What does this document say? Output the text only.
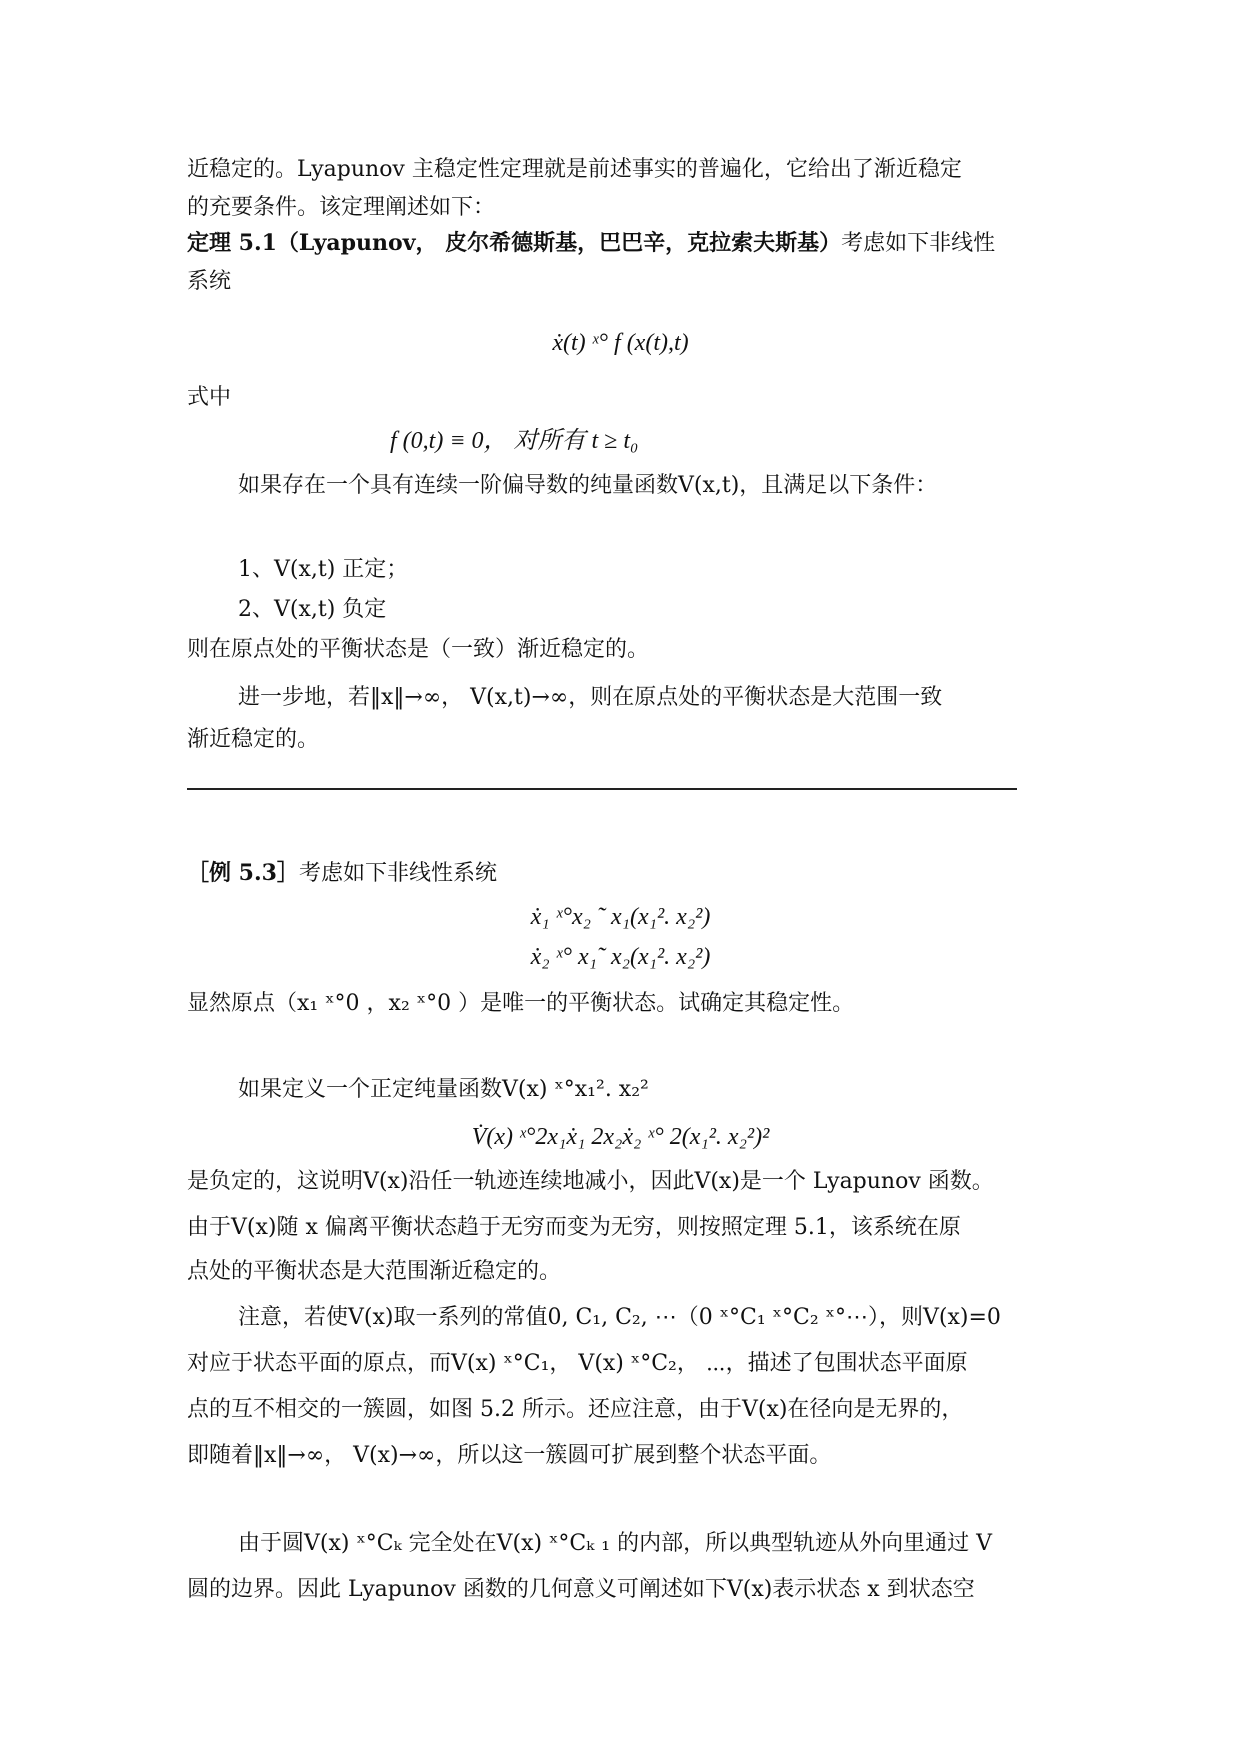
近稳定的。Lyapunov 主稳定性定理就是前述事实的普遍化，它给出了渐近稳定
的充要条件。该定理阐述如下：
定理 5.1（Lyapunov， 皮尔希德斯基，巴巴辛，克拉索夫斯基）考虑如下非线性
系统
ẋ(t) ˣ° f (x(t),t)
式中
f (0,t) ≡ 0， 对所有 t ≥ t₀
如果存在一个具有连续一阶偏导数的纯量函数V(x,t)，且满足以下条件：
1、V(x,t) 正定；
2、V(x,t) 负定
则在原点处的平衡状态是（一致）渐近稳定的。
进一步地，若‖x‖→∞， V(x,t)→∞，则在原点处的平衡状态是大范围一致
渐近稳定的。
［例 5.3］考虑如下非线性系统
ẋ₁ ˣ°x₂ ˜ x₁(x₁². x₂²)
ẋ₂ ˣ° x₁˜ x₂(x₁². x₂²)
显然原点（x₁ ˣ°0 ，x₂ ˣ°0 ）是唯一的平衡状态。试确定其稳定性。
如果定义一个正定纯量函数V(x) ˣ°x₁². x₂²
V̇(x) ˣ°2x₁ẋ₁ 2x₂ẋ₂ ˣ° 2(x₁². x₂²)²
是负定的，这说明V(x)沿任一轨迹连续地减小，因此V(x)是一个 Lyapunov 函数。
由于V(x)随 x 偏离平衡状态趋于无穷而变为无穷，则按照定理 5.1，该系统在原
点处的平衡状态是大范围渐近稳定的。
注意，若使V(x)取一系列的常值0, C₁, C₂, ⋯（0 ˣ°C₁ ˣ°C₂ ˣ°⋯），则V(x)=0
对应于状态平面的原点，而V(x) ˣ°C₁， V(x) ˣ°C₂， ⋯，描述了包围状态平面原
点的互不相交的一簇圆，如图 5.2 所示。还应注意，由于V(x)在径向是无界的，
即随着‖x‖→∞， V(x)→∞，所以这一簇圆可扩展到整个状态平面。
由于圆V(x) ˣ°Cₖ 完全处在V(x) ˣ°Cₖ ₁ 的内部，所以典型轨迹从外向里通过 V
圆的边界。因此 Lyapunov 函数的几何意义可阐述如下V(x)表示状态 x 到状态空
